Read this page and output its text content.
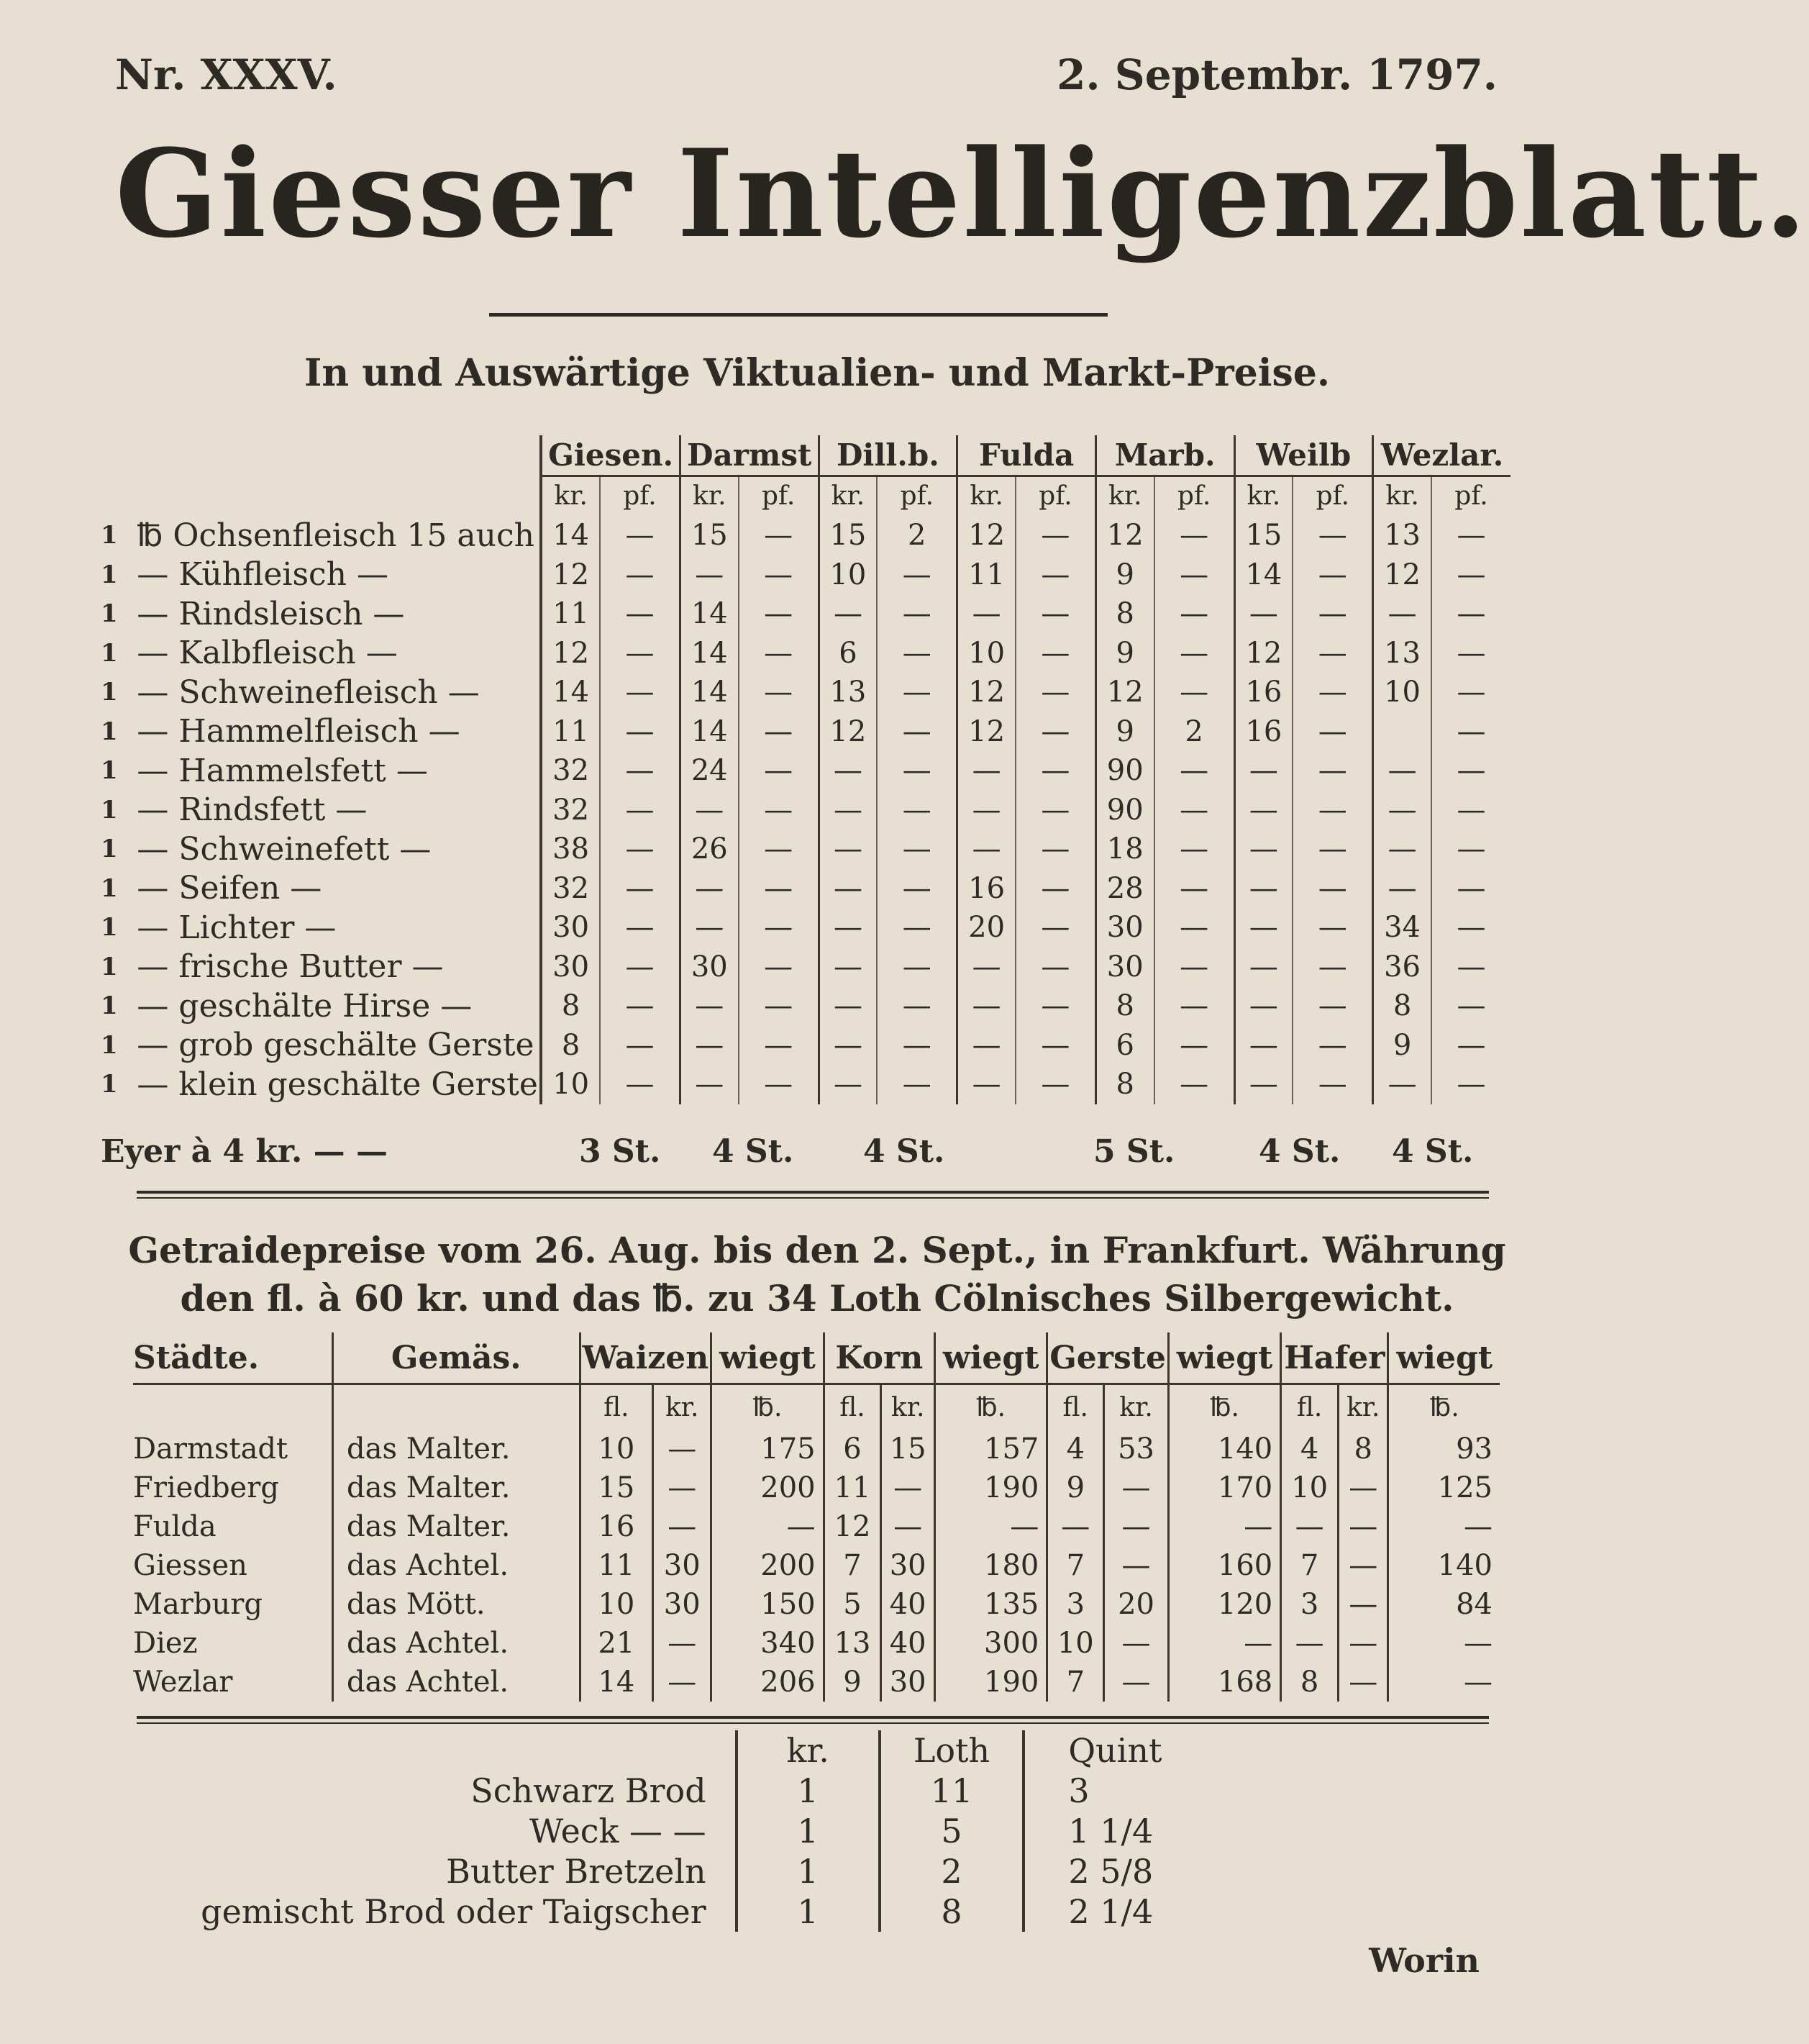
Nr. XXXV.	2. Septembr. 1797.
Giesser Intelligenzblatt.
In und Auswärtige Viktualien- und Markt-Preise.
		Giesen.		Darmst		Dill.b.		Fulda		Marb.		Weilb		Wezlar.	
		kr.	pf.	kr.	pf.	kr.	pf.	kr.	pf.	kr.	pf.	kr.	pf.	kr.	pf.
1	℔ Ochsenfleisch 15 auch	14	—	15	—	15	2	12	—	12	—	15	—	13	—
1	— Kühfleisch —	12	—	—	—	10	—	11	—	9	—	14	—	12	—
1	— Rindsleisch —	11	—	14	—	—	—	—	—	8	—	—	—	—	—
1	— Kalbfleisch —	12	—	14	—	6	—	10	—	9	—	12	—	13	—
1	— Schweinefleisch —	14	—	14	—	13	—	12	—	12	—	16	—	10	—
1	— Hammelfleisch —	11	—	14	—	12	—	12	—	9	2	16	—		—
1	— Hammelsfett —	32	—	24	—	—	—	—	—	90	—	—	—	—	—
1	— Rindsfett —	32	—	—	—	—	—	—	—	90	—	—	—	—	—
1	— Schweinefett —	38	—	26	—	—	—	—	—	18	—	—	—	—	—
1	— Seifen —	32	—	—	—	—	—	16	—	28	—	—	—	—	—
1	— Lichter —	30	—	—	—	—	—	20	—	30	—	—	—	34	—
1	— frische Butter —	30	—	30	—	—	—	—	—	30	—	—	—	36	—
1	— geschälte Hirse —	8	—	—	—	—	—	—	—	8	—	—	—	8	—
1	— grob geschälte Gerste	8	—	—	—	—	—	—	—	6	—	—	—	9	—
1	— klein geschälte Gerste	10	—	—	—	—	—	—	—	8	—	—	—	—	—
Eyer à 4 kr. — —	3 St. 4 St. 4 St.	5 St.	4 St. 4 St.
Getraidepreise vom 26. Aug. bis den 2. Sept., in Frankfurt. Währung
den fl. à 60 kr. und das ℔. zu 34 Loth Cölnisches Silbergewicht.
Städte.	Gemäs.	Waizen		wiegt	Korn		wiegt	Gerste		wiegt	Hafer		wiegt
		fl.	kr.	℔.	fl.	kr.	℔.	fl.	kr.	℔.	fl.	kr.	℔.
Darmstadt	das Malter.	10	—	175	6	15	157	4	53	140	4	8	93
Friedberg	das Malter.	15	—	200	11	—	190	9	—	170	10	—	125
Fulda	das Malter.	16	—	—	12	—	—	—	—	—	—	—	—
Giessen	das Achtel.	11	30	200	7	30	180	7	—	160	7	—	140
Marburg	das Mött.	10	30	150	5	40	135	3	20	120	3	—	84
Diez	das Achtel.	21	—	340	13	40	300	10	—	—	—	—	—
Wezlar	das Achtel.	14	—	206	9	30	190	7	—	168	8	—	—
	kr.	Loth	Quint
Schwarz Brod	1	11	3
Weck — —	1	5	1 1/4
Butter Bretzeln	1	2	2 5/8
gemischt Brod oder Taigscher	1	8	2 1/4
Worin
